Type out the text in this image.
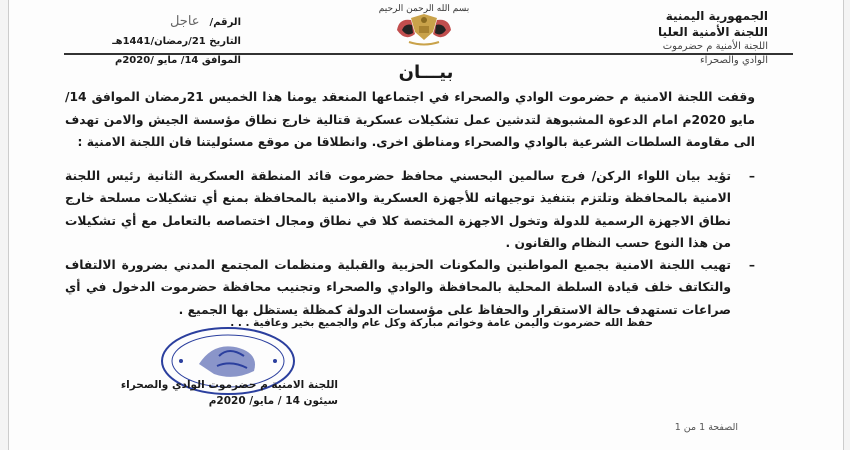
الجمهورية اليمنية
اللجنة الأمنية العليا
اللجنة الأمنية م حضرموت
الوادي والصحراء
بسم الله الرحمن الرحيم
الرقم/عاجل
التاريخ 21/رمضان/1441هـ
الموافق 14/ مايو /2020م
بيـــان
وقفت اللجنة الامنية م حضرموت الوادي والصحراء في اجتماعها المنعقد يومنا هذا الخميس 21رمضان الموافق 14/مايو 2020م امام الدعوة المشبوهة لتدشين عمل تشكيلات عسكرية قتالية خارج نطاق مؤسسة الجيش والامن تهدف الى مقاومة السلطات الشرعية بالوادي والصحراء ومناطق اخرى. وانطلاقا من موقع مسئوليتنا فان اللجنة الامنية :
–
تؤيد بيان اللواء الركن/ فرج سالمين البحسني محافظ حضرموت قائد المنطقة العسكرية الثانية رئيس اللجنة الامنية بالمحافظة وتلتزم بتنفيذ توجيهاته للأجهزة العسكرية والامنية بالمحافظة بمنع أي تشكيلات مسلحة خارج نطاق الاجهزة الرسمية للدولة وتخول الاجهزة المختصة كلا في نطاق ومجال اختصاصه بالتعامل مع أي تشكيلات من هذا النوع حسب النظام والقانون .
–
تهيب اللجنة الامنية بجميع المواطنين والمكونات الحزبية والقبلية ومنظمات المجتمع المدني بضرورة الالتفاف والتكاتف خلف قيادة السلطة المحلية بالمحافظة والوادي والصحراء وتجنيب محافظة حضرموت الدخول في أي صراعات تستهدف حالة الاستقرار والحفاظ على مؤسسات الدولة كمظلة يستظل بها الجميع .
حفظ الله حضرموت واليمن عامة وخواتم مباركة وكل عام والجميع بخير وعافية . . .
اللجنة الامنية م حضرموت الوادي والصحراء
سيئون 14 / مايو/ 2020م
الصفحة 1 من 1
